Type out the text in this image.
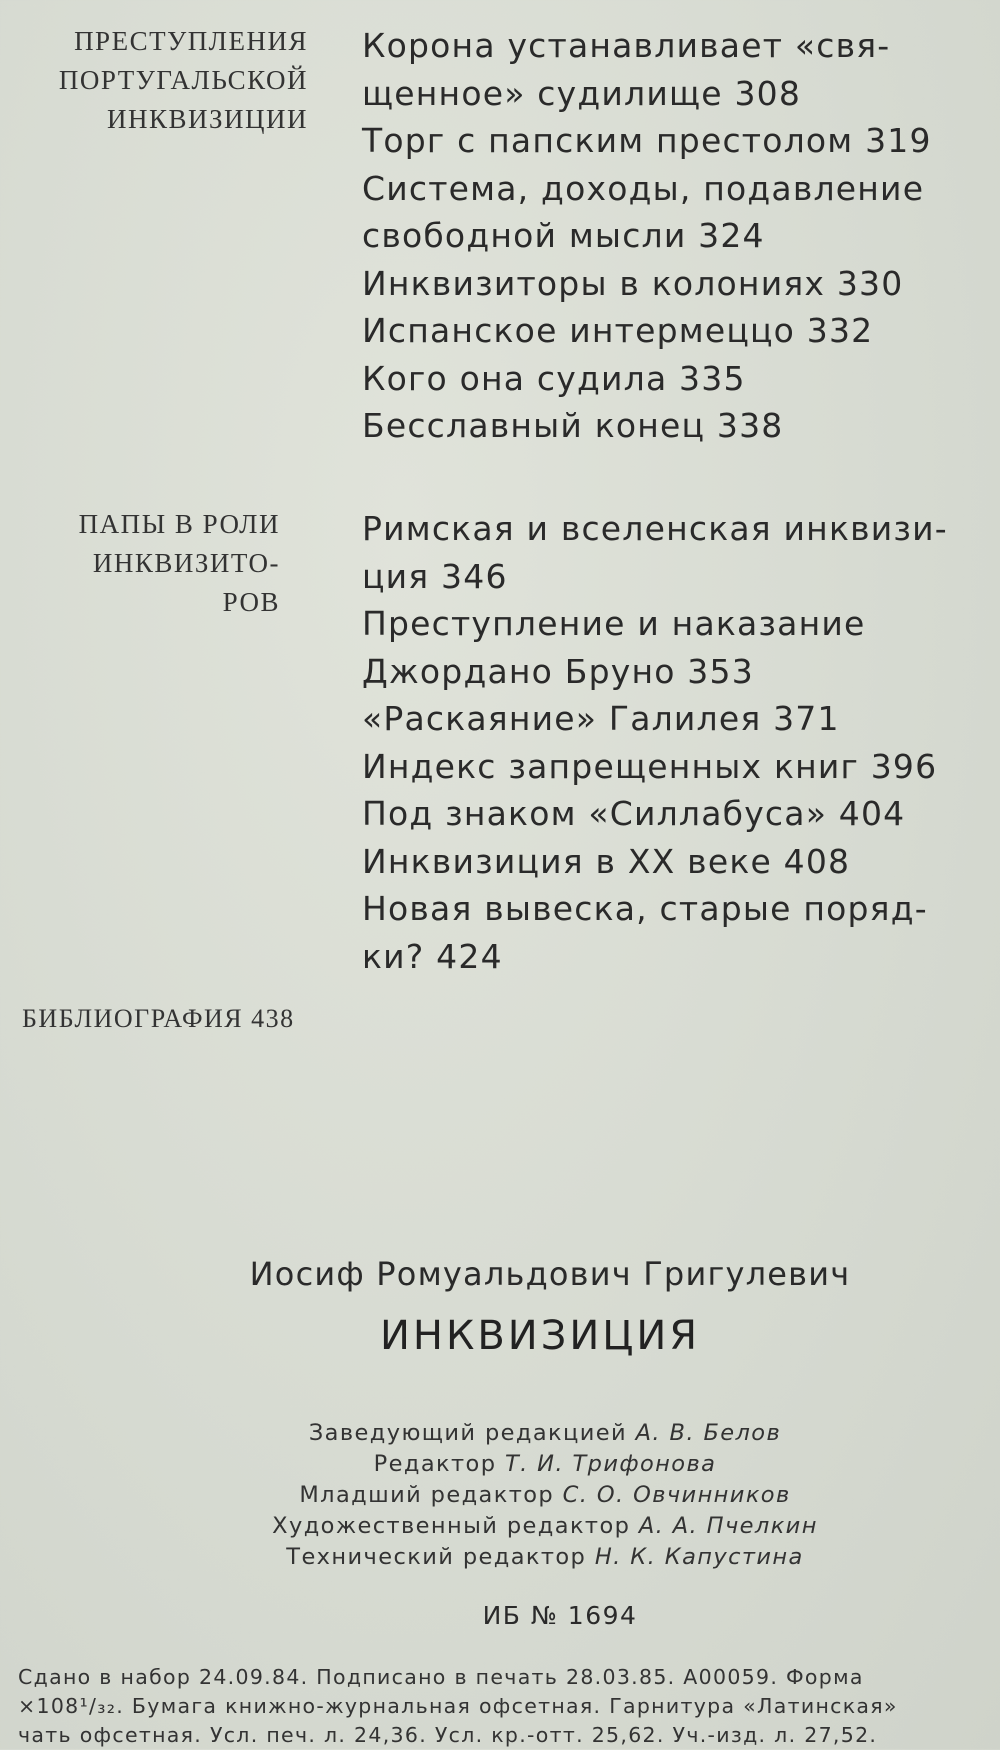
ПРЕСТУПЛЕНИЯ
ПОРТУГАЛЬСКОЙ
ИНКВИЗИЦИИ
Корона устанавливает «свя-
щенное» судилище 308
Торг с папским престолом 319
Система, доходы, подавление
свободной мысли 324
Инквизиторы в колониях 330
Испанское интермеццо 332
Кого она судила 335
Бесславный конец 338
ПАПЫ В РОЛИ
ИНКВИЗИТО-
РОВ
Римская и вселенская инквизи-
ция 346
Преступление и наказание
Джордано Бруно 353
«Раскаяние» Галилея 371
Индекс запрещенных книг 396
Под знаком «Силлабуса» 404
Инквизиция в XX веке 408
Новая вывеска, старые поряд-
ки? 424
БИБЛИОГРАФИЯ 438
Иосиф Ромуальдович Григулевич
ИНКВИЗИЦИЯ
Заведующий редакцией А. В. Белов
Редактор Т. И. Трифонова
Младший редактор С. О. Овчинников
Художественный редактор А. А. Пчелкин
Технический редактор Н. К. Капустина
ИБ № 1694
Сдано в набор 24.09.84. Подписано в печать 28.03.85. А00059. Форма
×108¹/₃₂. Бумага книжно-журнальная офсетная. Гарнитура «Латинская»
чать офсетная. Усл. печ. л. 24,36. Усл. кр.-отт. 25,62. Уч.-изд. л. 27,52.
